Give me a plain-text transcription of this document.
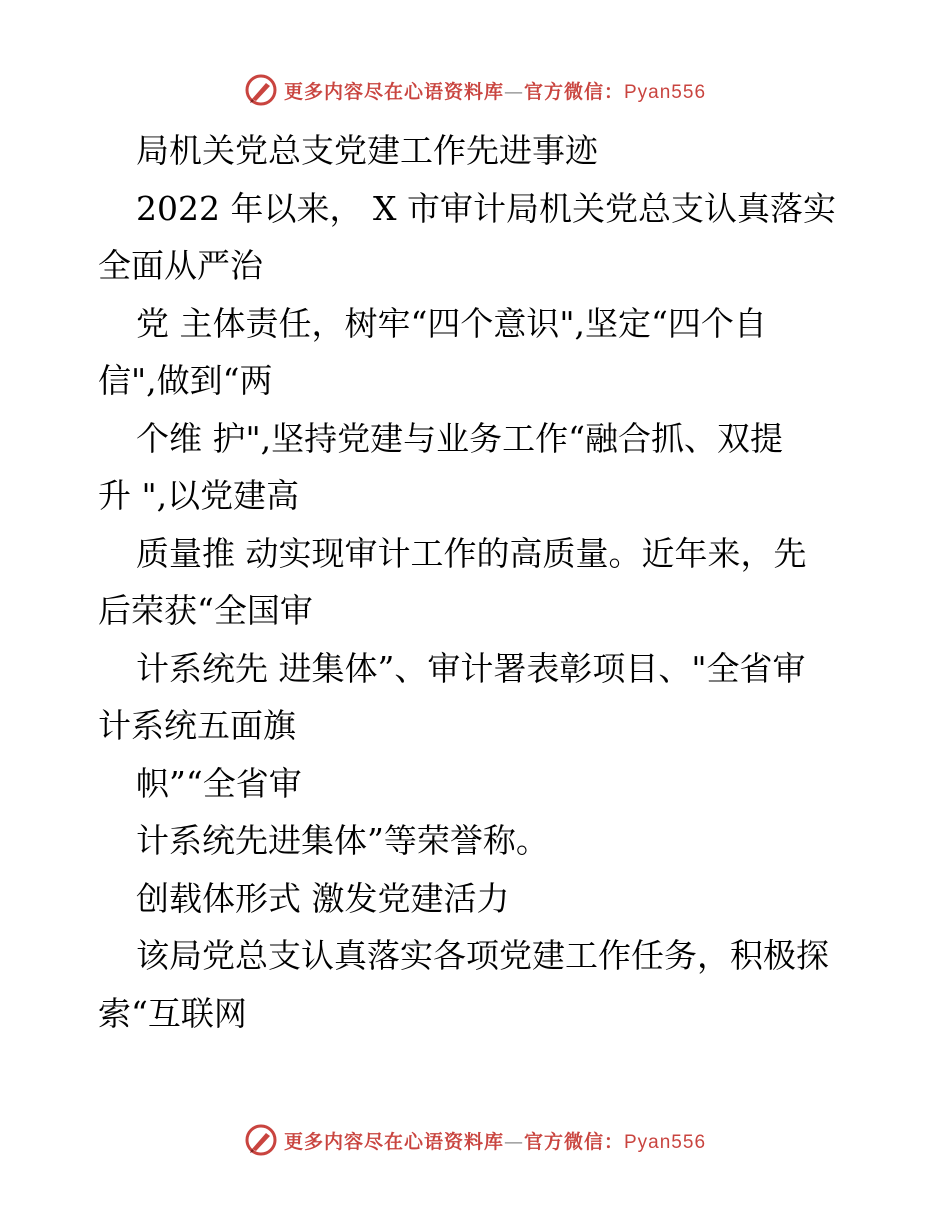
更多内容尽在心语资料库—官方微信：Pyan556
局机关党总支党建工作先进事迹
2022 年以来， X 市审计局机关党总支认真落实
全面从严治
党 主体责任，树牢“四个意识",坚定“四个自
信",做到“两
个维 护",坚持党建与业务工作“融合抓、双提
升 ",以党建高
质量推 动实现审计工作的高质量。近年来，先
后荣获“全国审
计系统先 进集体”、审计署表彰项目、"全省审
计系统五面旗
帜”“全省审
计系统先进集体”等荣誉称。
创载体形式 激发党建活力
该局党总支认真落实各项党建工作任务，积极探
索“互联网
更多内容尽在心语资料库—官方微信：Pyan556
